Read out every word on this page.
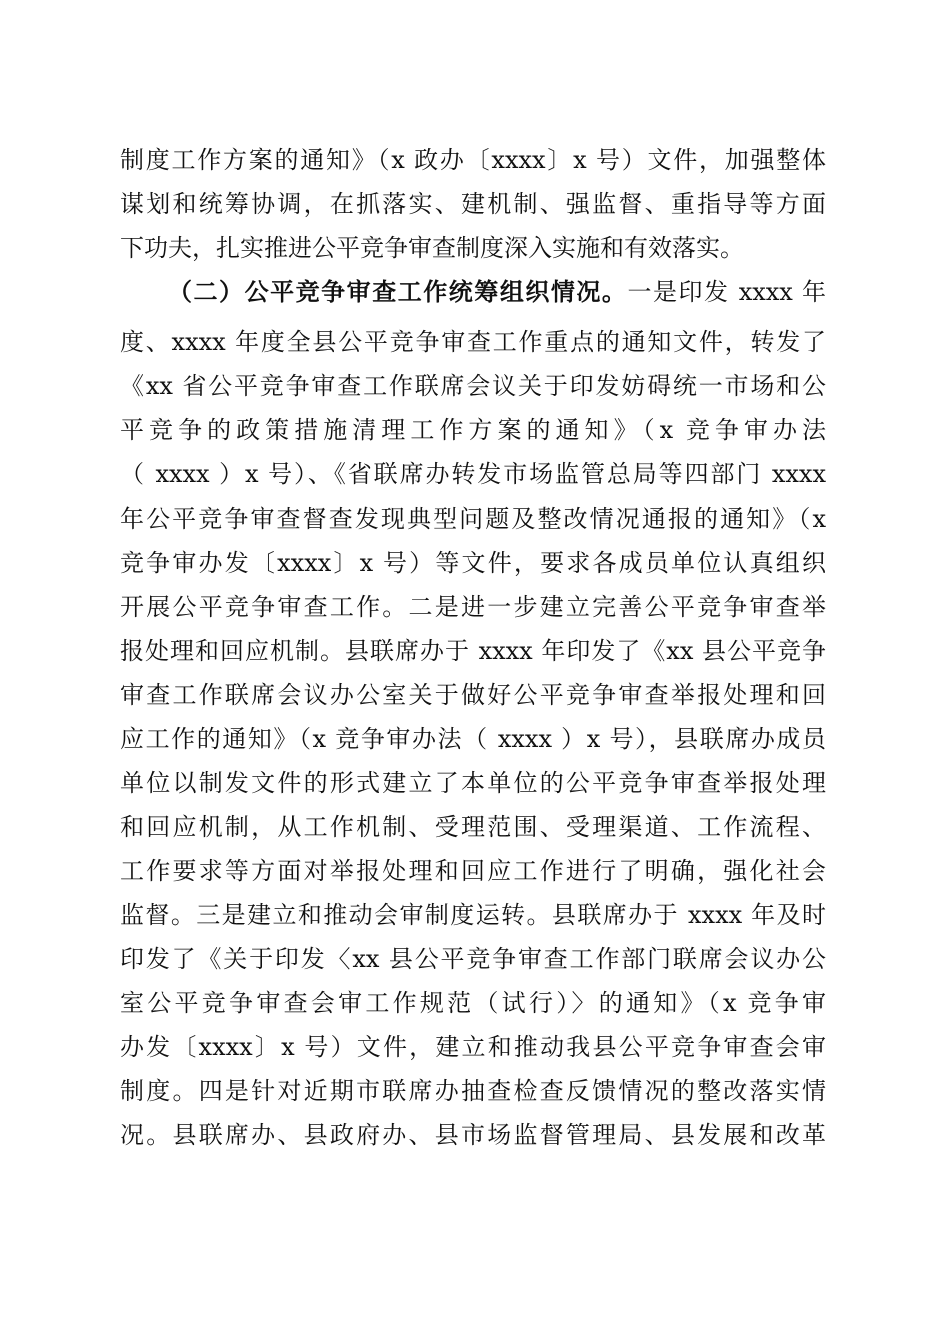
制度工作方案的通知》（x 政办〔xxxx〕x 号）文件，加强整体
谋划和统筹协调，在抓落实、建机制、强监督、重指导等方面
下功夫，扎实推进公平竞争审查制度深入实施和有效落实。
（二）公平竞争审查工作统筹组织情况。一是印发 xxxx 年
度、xxxx 年度全县公平竞争审查工作重点的通知文件，转发了
《xx 省公平竞争审查工作联席会议关于印发妨碍统一市场和公
平竞争的政策措施清理工作方案的通知》（x 竞争审办法
（ xxxx ）x 号）、《省联席办转发市场监管总局等四部门 xxxx
年公平竞争审查督查发现典型问题及整改情况通报的通知》（x
竞争审办发〔xxxx〕x 号）等文件，要求各成员单位认真组织
开展公平竞争审查工作。二是进一步建立完善公平竞争审查举
报处理和回应机制。县联席办于 xxxx 年印发了《xx 县公平竞争
审查工作联席会议办公室关于做好公平竞争审查举报处理和回
应工作的通知》（x 竞争审办法（ xxxx ）x 号），县联席办成员
单位以制发文件的形式建立了本单位的公平竞争审查举报处理
和回应机制，从工作机制、受理范围、受理渠道、工作流程、
工作要求等方面对举报处理和回应工作进行了明确，强化社会
监督。三是建立和推动会审制度运转。县联席办于 xxxx 年及时
印发了《关于印发〈xx 县公平竞争审查工作部门联席会议办公
室公平竞争审查会审工作规范（试行）〉的通知》（x 竞争审
办发〔xxxx〕x 号）文件，建立和推动我县公平竞争审查会审
制度。四是针对近期市联席办抽查检查反馈情况的整改落实情
况。县联席办、县政府办、县市场监督管理局、县发展和改革
